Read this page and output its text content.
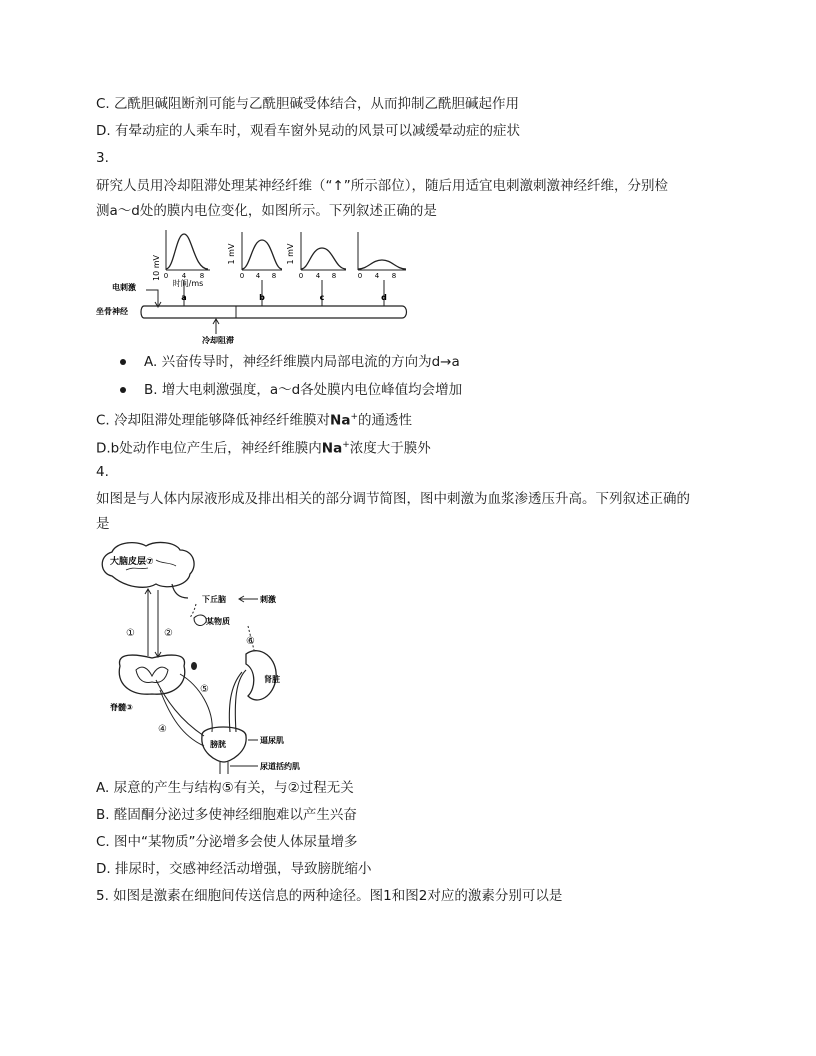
C. 乙酰胆碱阻断剂可能与乙酰胆碱受体结合，从而抑制乙酰胆碱起作用
D. 有晕动症的人乘车时，观看车窗外晃动的风景可以减缓晕动症的症状
3.
研究人员用冷却阻滞处理某神经纤维（“↑”所示部位），随后用适宜电刺激刺激神经纤维，分别检
测a～d处的膜内电位变化，如图所示。下列叙述正确的是
10 mV 0 4 8
1 mV
0 4 8
1 mV
0 4 8	0 4 8
时间/ms
a	b	c	d
电刺激
坐骨神经
冷却阻滞
A. 兴奋传导时，神经纤维膜内局部电流的方向为d→a
B. 增大电刺激强度，a～d各处膜内电位峰值均会增加
C. 冷却阻滞处理能够降低神经纤维膜对Na+的通透性
D.b处动作电位产生后，神经纤维膜内Na+浓度大于膜外
4.
如图是与人体内尿液形成及排出相关的部分调节简图，图中刺激为血浆渗透压升高。下列叙述正确的
是
大脑皮层⑦
下丘脑	刺激
某物质
⑥
①	②
脊髓③
⑤
④
肾脏
膀胱	逼尿肌
尿道括约肌
A. 尿意的产生与结构⑤有关，与②过程无关
B. 醛固酮分泌过多使神经细胞难以产生兴奋
C. 图中“某物质”分泌增多会使人体尿量增多
D. 排尿时，交感神经活动增强，导致膀胱缩小
5. 如图是激素在细胞间传送信息的两种途径。图1和图2对应的激素分别可以是
